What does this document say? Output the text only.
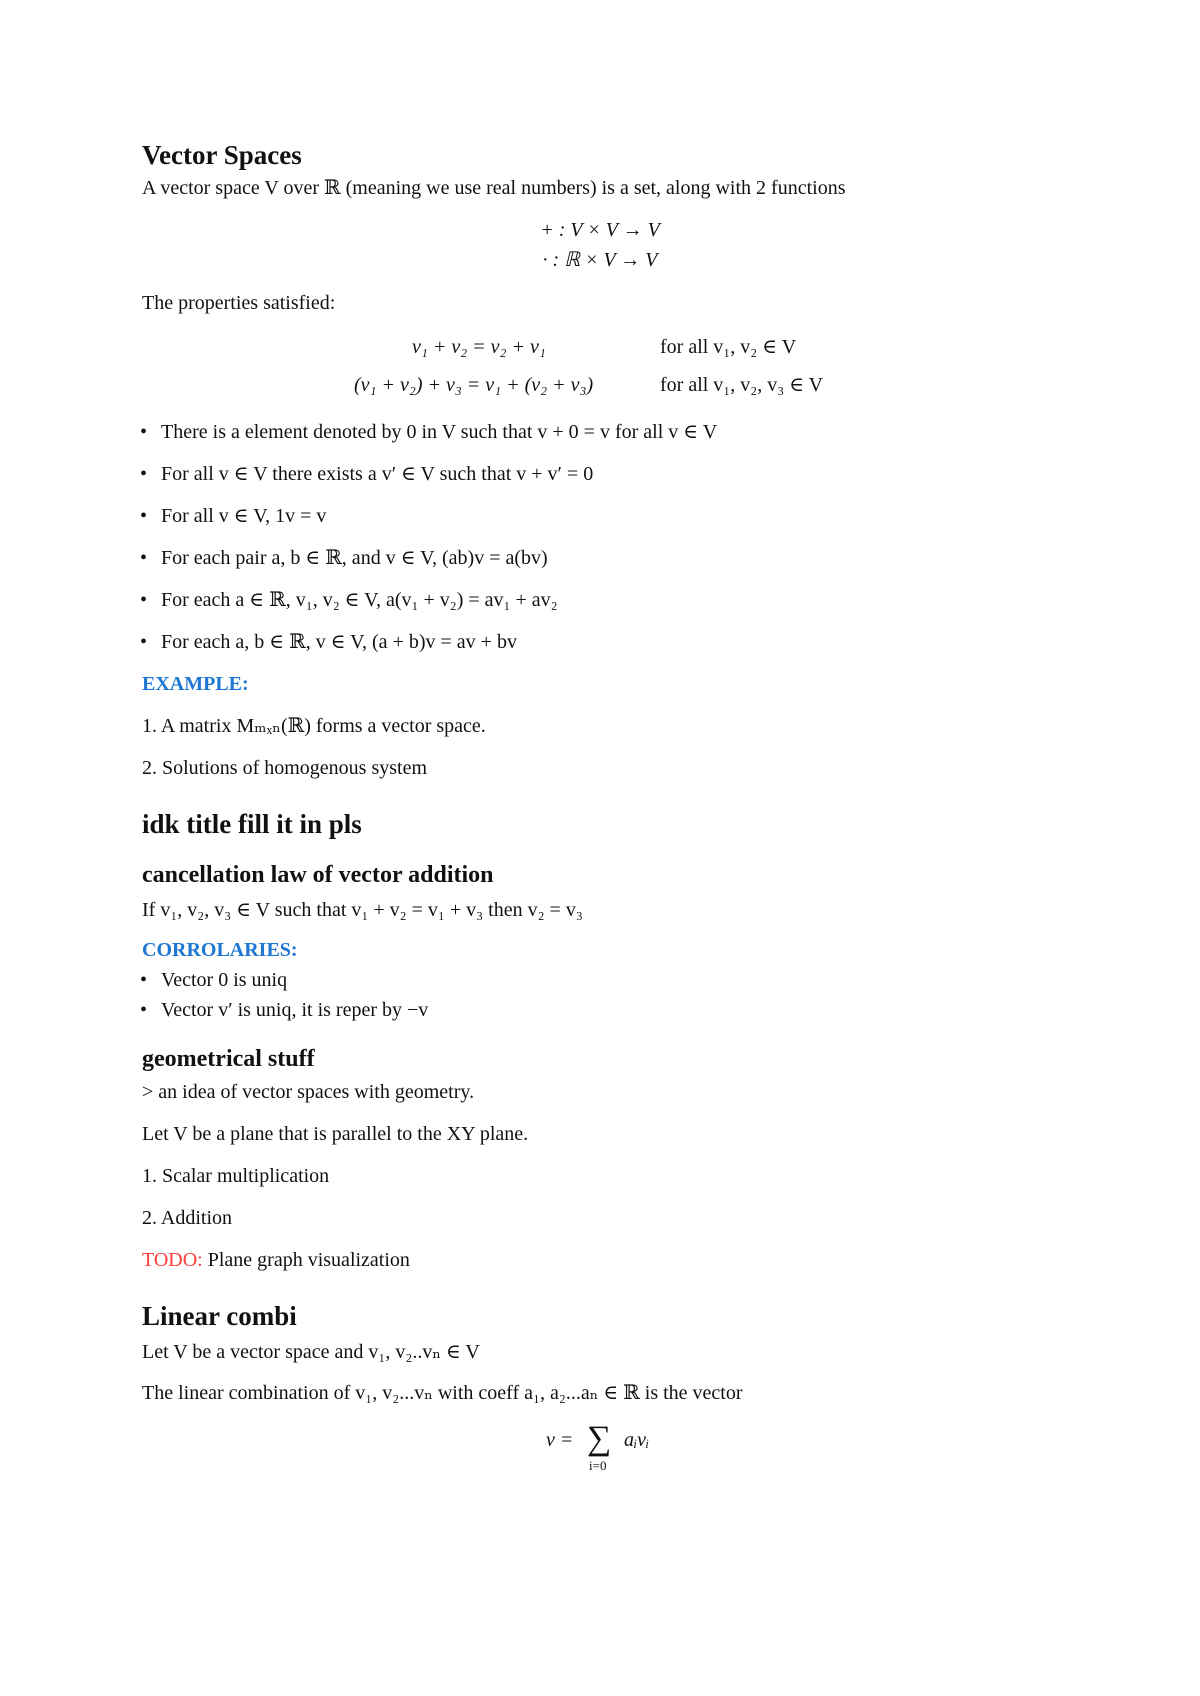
Vector Spaces
A vector space V over ℝ (meaning we use real numbers) is a set, along with 2 functions
+ : V × V → V
· : ℝ × V → V
The properties satisfied:
v₁ + v₂ = v₂ + v₁	for all v₁, v₂ ∈ V
(v₁ + v₂) + v₃ = v₁ + (v₂ + v₃)	for all v₁, v₂, v₃ ∈ V
• There is a element denoted by 0 in V such that v + 0 = v for all v ∈ V
• For all v ∈ V there exists a v′ ∈ V such that v + v′ = 0
• For all v ∈ V, 1v = v
• For each pair a, b ∈ ℝ, and v ∈ V, (ab)v = a(bv)
• For each a ∈ ℝ, v₁, v₂ ∈ V, a(v₁ + v₂) = av₁ + av₂
• For each a, b ∈ ℝ, v ∈ V, (a + b)v = av + bv
EXAMPLE:
1. A matrix Mₘₓₙ(ℝ) forms a vector space.
2. Solutions of homogenous system
idk title fill it in pls
cancellation law of vector addition
If v₁, v₂, v₃ ∈ V such that v₁ + v₂ = v₁ + v₃ then v₂ = v₃
CORROLARIES:
• Vector 0 is uniq
• Vector v′ is uniq, it is reper by −v
geometrical stuff
> an idea of vector spaces with geometry.
Let V be a plane that is parallel to the XY plane.
1. Scalar multiplication
2. Addition
TODO: Plane graph visualization
Linear combi
Let V be a vector space and v₁, v₂..vₙ ∈ V
The linear combination of v₁, v₂...vₙ with coeff a₁, a₂...aₙ ∈ ℝ is the vector
v = ∑ aᵢvᵢ
i=0
